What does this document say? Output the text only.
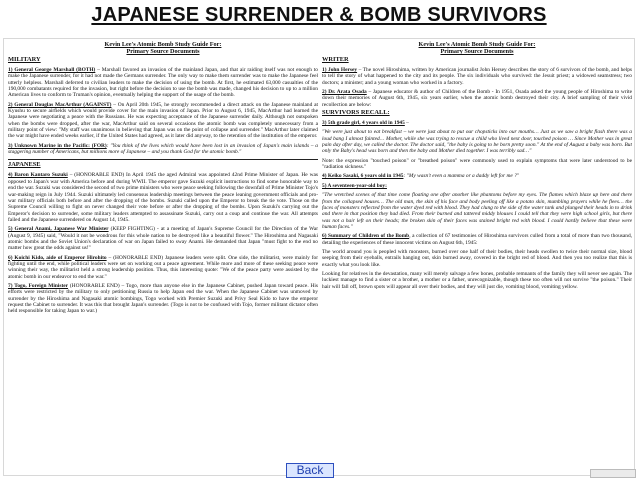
JAPANESE SURRENDER & BOMB SURVIVORS
Kevin Lee's Atomic Bomb Study Guide For:
Primary Source Documents
MILITARY
1) General George Marshall (BOTH) – Marshall favored an invasion of the mainland Japan, and that air raiding itself was not enough to make the Japanese surrender, for it had not made the Germans surrender. The only way to make them surrender was to make the Japanese feel utterly helpless. Marshall deferred to civilian leaders to make the decision of using the bomb. At first, he estimated 63,000 casualties of the 190,000 combatants required for the invasion, but right before the decision to use the bomb was made, changed his decision to up to a million American lives to conform to Truman's opinion, eventually helping the support of the usage of the bomb.
2) General Douglas MacArthur (AGAINST) – On April 20th 1945, he strongly recommended a direct attack on the Japanese mainland at Kyushu to secure airfields which would provide cover for the main invasion of Japan. Prior to August 6, 1945, MacArthur had learned the Japanese were negotiating a peace with the Russians. He was expecting acceptance of the Japanese surrender daily. Although not outspoken when the bombs were dropped, after the war, MacArthur said on several occasions the atomic bomb was completely unnecessary from a military point of view: "My staff was unanimous in believing that Japan was on the point of collapse and surrender." MacArthur later claimed the war might have ended weeks earlier, if the United States had agreed, as it later did anyway, to the retention of the institution of the emperor.
3) Unknown Marine in the Pacific: (FOR): "You think of the lives which would have been lost in an invasion of Japan's main islands – a staggering number of Americans, but millions more of Japanese – and you thank God for the atomic bomb."
JAPANESE
4) Baron Kantaro Suzuki – (HONORABLE END) In April 1945 the aged Admiral was appointed 42nd Prime Minister of Japan. He was opposed to Japan's war with America before and during WWII. The emperor gave Suzuki explicit instructions to find some honorable way to end the war. Suzuki was considered the second of two prime ministers who were peace seeking following the downfall of Prime Minister Tojo's war-making reign in July 1944. Suzuki ultimately led consensus leadership meetings between the peace leaning government officials and pro-war military officials both before and after the dropping of the bombs. Suzuki called upon the Emperor to break the tie vote. Those on the Supreme Council willing to fight on never changed their vote before or after the dropping of the bombs. Upon Suzuki's carrying out the Emperor's decision to surrender, some military leaders attempted to assassinate Suzuki, carry out a coup and continue the war. All attempts failed and the Japanese surrendered on August 14, 1945.
5) General Anami, Japanese War Minister (KEEP FIGHTING) - at a meeting of Japan's Supreme Council for the Direction of the War (August 9, 1945) said, "Would it not be wondrous for this whole nation to be destroyed like a beautiful flower." The Hiroshima and Nagasaki atomic bombs and the Soviet Union's declaration of war on Japan failed to sway Anami. He demanded that Japan "must fight to the end no matter how great the odds against us!"
6) Koichi Kido, aide of Emperor Hirohito – (HONORABLE END) Japanese leaders were split. One side, the militarist, were mainly for fighting until the end, while political leaders were set on working out a peace agreement. While more and more of these seeking peace were winning their way, the militarist held a strong leadership position. Thus, this interesting quote: "We of the peace party were assisted by the atomic bomb in our endeavor to end the war."
7) Togo, Foreign Minister (HONORABLE END) – Togo, more than anyone else in the Japanese Cabinet, pushed Japan toward peace. His efforts were restricted by the military to only petitioning Russia to help Japan end the war. When the Japanese Cabinet was unmoved by surrender by the Hiroshima and Nagasaki atomic bombings, Togo worked with Premier Suzuki and Privy Seal Kido to have the emperor request the Cabinet to surrender. It was this that brought Japan's surrender. (Togo is not to be confused with Tojo, former militant dictator often held responsible for taking Japan to war.)
Kevin Lee's Atomic Bomb Study Guide For:
Primary Source Documents
WRITER
1) John Hersey – The novel Hiroshima, written by American journalist John Hersey describes the story of 6 survivors of the bomb, and helps to tell the story of what happened to the city and its people. The six individuals who survived: the Jesuit priest; a widowed seamstress; two doctors; a minister; and a young woman who worked in a factory.
2) Dr. Arata Osada – Japanese educator & author of Children of the Bomb - In 1951, Osada asked the young people of Hiroshima to write down their memories of August 6th, 1945, six years earlier, when the atomic bomb destroyed their city. A brief sampling of their vivid recollection are below:
SURVIVORS RECALL:
3) 5th grade girl, 4 years old in 1945 –
"We were just about to eat breakfast – we were just about to put our chopsticks into our mouths… Just as we saw a bright flash there was a loud bang I almost fainted… Mother, while she was trying to rescue a child who lived next door, touched poison … Since Mother was in great pain day after day, we called the doctor. The doctor said, "the baby is going to be born pretty soon." At the end of August a baby was born. But only the Baby's head was born and then the baby and Mother died together. I was terribly sad…"
Note: the expression "touched poison" or "breathed poison" were commonly used to explain symptoms that were later understood to be "radiation sickness."
4) Keiko Sasaki, 6 years old in 1945: "My wasn't even a mamma or a daddy left for me ?"
5) A seventeen-year-old boy:
"The wretched scenes of that time come floating one after another like phantoms before my eyes. The flames which blaze up here and there from the collapsed houses… The old man, the skin of his face and body peeling off like a potato skin, mumbling prayers while he flees… the faces of monsters reflected from the water dyed red with blood. They had clung to the side of the water tank and plunged their heads in to drink and there in that position they had died. From their burned and tattered middy blouses I could tell that they were high school girls, but there was not a hair left on their heads; the broken skin of their faces was stained bright red with blood. I could hardly believe that these were human faces."
6) Summary of Children of the Bomb, a collection of 67 testimonies of Hiroshima survivors culled from a total of more than two thousand, detailing the experiences of these innocent victims on August 6th, 1945:
The world around you is peopled with monsters, burned over one half of their bodies, their heads swollen to twice their normal size, blood seeping from their eyeballs, entrails hanging out, skin burned away, covered in the bright red of blood. And then you too realize that this is exactly what you look like.
Looking for relatives in the devastation, many will merely salvage a few bones, probable remnants of the family they will never see again. The luckiest manage to find a sister or a brother, a mother or a father, unrecognizable, though these too often will not survive "the poison." Their hair will fall off, brown spots will appear all over their bodies, and they will just die, vomiting blood, vomiting yellow.
Back
